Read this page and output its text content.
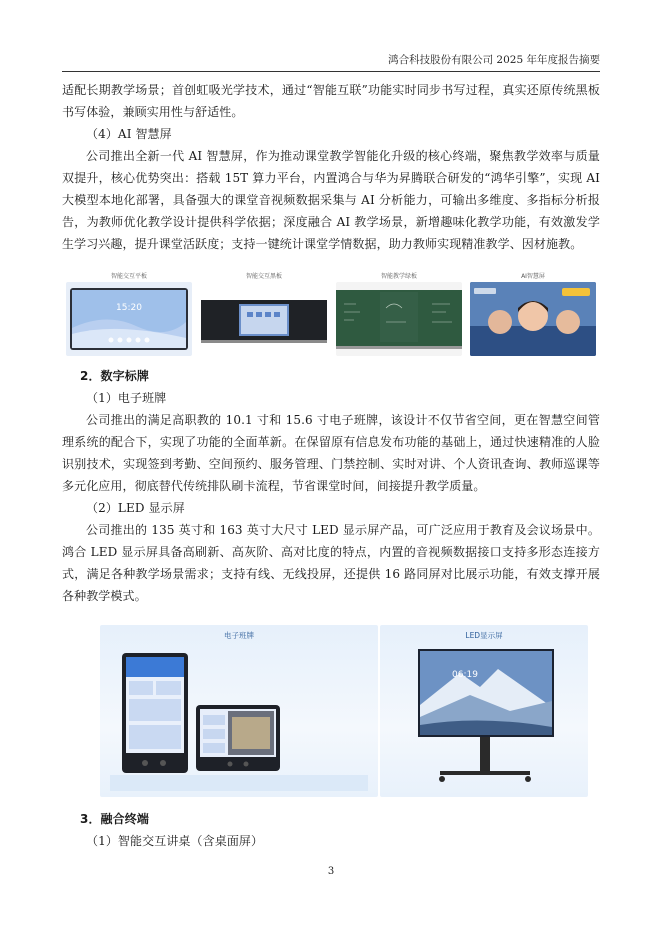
鸿合科技股份有限公司 2025 年年度报告摘要

适配长期教学场景；首创虹吸光学技术，通过“智能互联”功能实时同步书写过程，真实还原传统黑板书写体验，兼顾实用性与舒适性。

（4）AI 智慧屏

公司推出全新一代 AI 智慧屏，作为推动课堂教学智能化升级的核心终端，聚焦教学效率与质量双提升，核心优势突出：搭载 15T 算力平台，内置鸿合与华为昇腾联合研发的“鸿华引擎”，实现 AI 大模型本地化部署，具备强大的课堂音视频数据采集与 AI 分析能力，可输出多维度、多指标分析报告，为教师优化教学设计提供科学依据；深度融合 AI 教学场景，新增趣味化教学功能，有效激发学生学习兴趣，提升课堂活跃度；支持一键统计课堂学情数据，助力教师实现精准教学、因材施教。

智能交互平板
15:20
智能交互黑板	智能教学绿板	AI智慧屏

2．数字标牌

（1）电子班牌

公司推出的满足高职教的 10.1 寸和 15.6 寸电子班牌，该设计不仅节省空间，更在智慧空间管理系统的配合下，实现了功能的全面革新。在保留原有信息发布功能的基础上，通过快速精准的人脸识别技术，实现签到考勤、空间预约、服务管理、门禁控制、实时对讲、个人资讯查询、教师巡课等多元化应用，彻底替代传统排队刷卡流程，节省课堂时间，间接提升教学质量。

（2）LED 显示屏

公司推出的 135 英寸和 163 英寸大尺寸 LED 显示屏产品，可广泛应用于教育及会议场景中。鸿合 LED 显示屏具备高刷新、高灰阶、高对比度的特点，内置的音视频数据接口支持多形态连接方式，满足各种教学场景需求；支持有线、无线投屏，还提供 16 路同屏对比展示功能，有效支撑开展各种教学模式。

电子班牌	LED显示屏
06:19

3．融合终端

（1）智能交互讲桌（含桌面屏）

3
